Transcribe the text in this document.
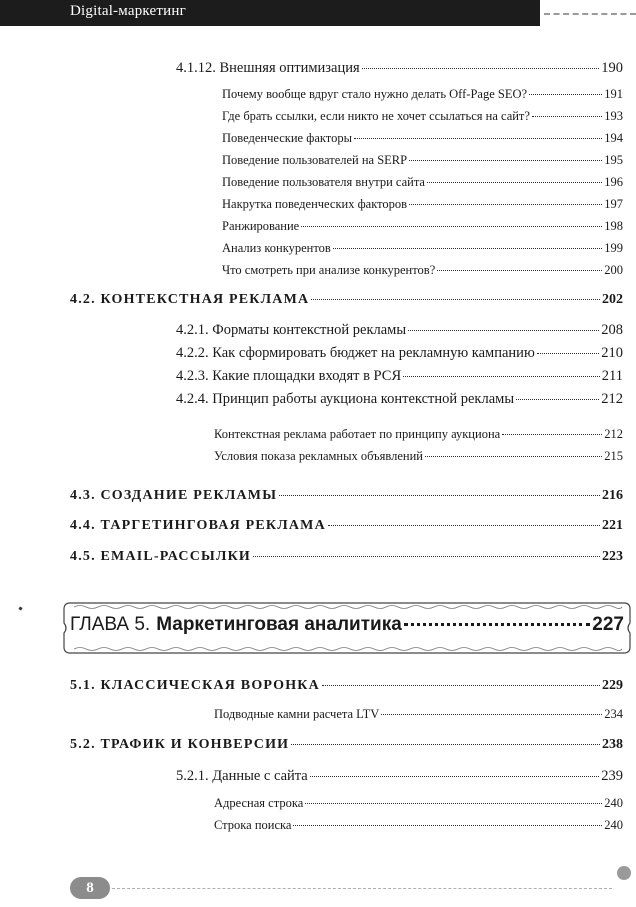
Digital-маркетинг
4.1.12. Внешняя оптимизация	190
Почему вообще вдруг стало нужно делать Off-Page SEO?	191
Где брать ссылки, если никто не хочет ссылаться на сайт?	193
Поведенческие факторы	194
Поведение пользователей на SERP	195
Поведение пользователя внутри сайта	196
Накрутка поведенческих факторов	197
Ранжирование	198
Анализ конкурентов	199
Что смотреть при анализе конкурентов?	200
4.2. КОНТЕКСТНАЯ РЕКЛАМА	202
4.2.1. Форматы контекстной рекламы	208
4.2.2. Как сформировать бюджет на рекламную кампанию	210
4.2.3. Какие площадки входят в РСЯ	211
4.2.4. Принцип работы аукциона контекстной рекламы	212
Контекстная реклама работает по принципу аукциона	212
Условия показа рекламных объявлений	215
4.3. СОЗДАНИЕ РЕКЛАМЫ	216
4.4. ТАРГЕТИНГОВАЯ РЕКЛАМА	221
4.5. EMAIL-РАССЫЛКИ	223
ГЛАВА 5. Маркетинговая аналитика	227
5.1. КЛАССИЧЕСКАЯ ВОРОНКА	229
Подводные камни расчета LTV	234
5.2. ТРАФИК И КОНВЕРСИИ	238
5.2.1. Данные с сайта	239
Адресная строка	240
Строка поиска	240
8
